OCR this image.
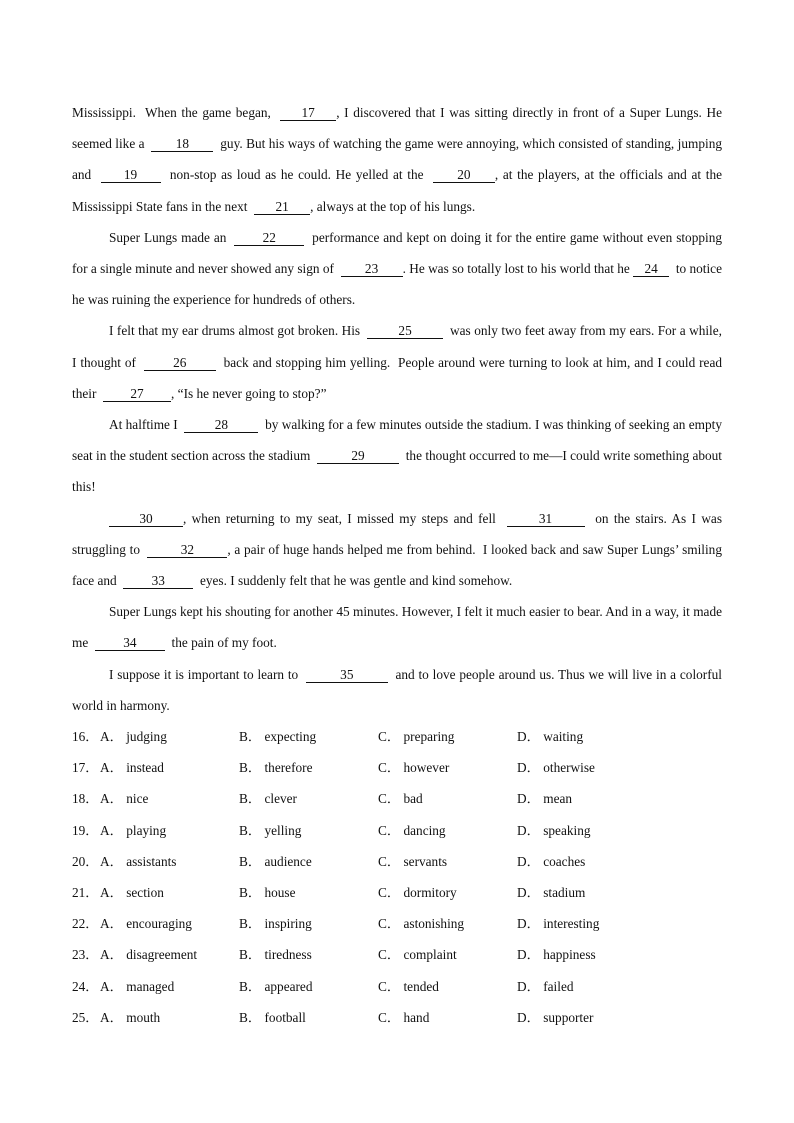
Mississippi.  When the game began,  17 , I discovered that I was sitting directly in front of a Super Lungs. He seemed like a  18  guy. But his ways of watching the game were annoying, which consisted of standing, jumping and  19  non-stop as loud as he could. He yelled at the  20 , at the players, at the officials and at the Mississippi State fans in the next  21 , always at the top of his lungs.

Super Lungs made an  22  performance and kept on doing it for the entire game without even stopping for a single minute and never showed any sign of  23 . He was so totally lost to his world that he 24  to notice he was ruining the experience for hundreds of others.

I felt that my ear drums almost got broken. His  25  was only two feet away from my ears. For a while, I thought of  26  back and stopping him yelling.  People around were turning to look at him, and I could read their  27 , “Is he never going to stop?”

At halftime I  28  by walking for a few minutes outside the stadium. I was thinking of seeking an empty seat in the student section across the stadium	29	the thought occurred to me—I could write something about this!

30 , when returning to my seat, I missed my steps and fell  31  on the stairs. As I was struggling to	32	, a pair of huge hands helped me from behind.  I looked back and saw Super Lungs’ smiling  face and  33  eyes. I suddenly felt that he was gentle and kind somehow.

Super Lungs kept his shouting for another 45 minutes. However, I felt it much easier to bear. And in a way, it made me  34  the pain of my foot.

I suppose it is important to learn to	35	and to love people around us. Thus we will live in a colorful world in harmony.

16． A． judging	B． expecting	C． preparing	D． waiting
17． A． instead	B． therefore	C． however	D． otherwise
18． A． nice	B． clever	C． bad	D． mean
19． A． playing	B． yelling	C． dancing	D． speaking
20． A． assistants	B． audience	C． servants	D． coaches
21． A． section	B． house	C． dormitory	D． stadium
22． A． encouraging	B． inspiring	C． astonishing	D． interesting
23． A． disagreement	B． tiredness	C． complaint	D． happiness
24． A． managed	B． appeared	C． tended	D． failed
25． A． mouth	B． football	C． hand	D． supporter
